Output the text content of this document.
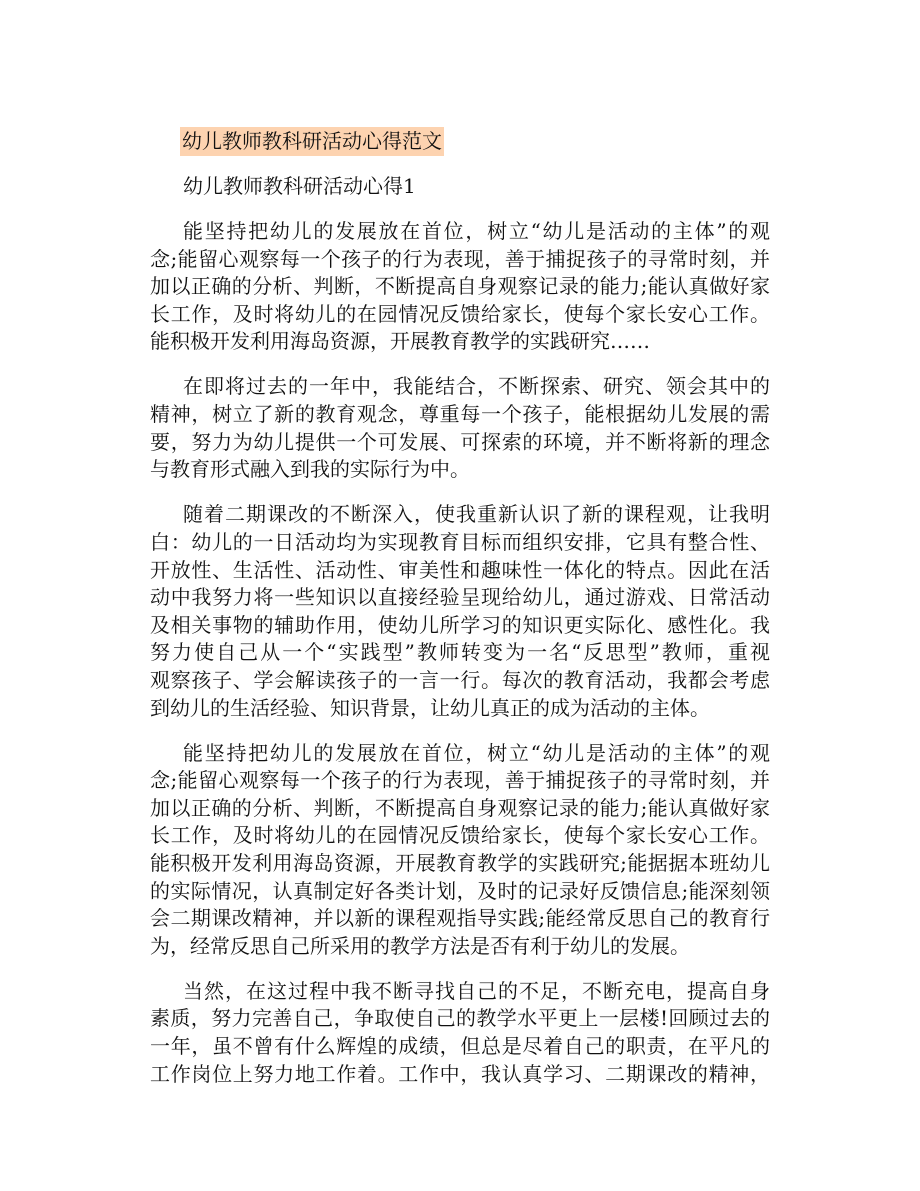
幼儿教师教科研活动心得范文
幼儿教师教科研活动心得1
能坚持把幼儿的发展放在首位，树立“幼儿是活动的主体”的观
念;能留心观察每一个孩子的行为表现，善于捕捉孩子的寻常时刻，并
加以正确的分析、判断，不断提高自身观察记录的能力;能认真做好家
长工作，及时将幼儿的在园情况反馈给家长，使每个家长安心工作。
能积极开发利用海岛资源，开展教育教学的实践研究……
在即将过去的一年中，我能结合，不断探索、研究、领会其中的
精神，树立了新的教育观念，尊重每一个孩子，能根据幼儿发展的需
要，努力为幼儿提供一个可发展、可探索的环境，并不断将新的理念
与教育形式融入到我的实际行为中。
随着二期课改的不断深入，使我重新认识了新的课程观，让我明
白：幼儿的一日活动均为实现教育目标而组织安排，它具有整合性、
开放性、生活性、活动性、审美性和趣味性一体化的特点。因此在活
动中我努力将一些知识以直接经验呈现给幼儿，通过游戏、日常活动
及相关事物的辅助作用，使幼儿所学习的知识更实际化、感性化。我
努力使自己从一个“实践型”教师转变为一名“反思型”教师，重视
观察孩子、学会解读孩子的一言一行。每次的教育活动，我都会考虑
到幼儿的生活经验、知识背景，让幼儿真正的成为活动的主体。
能坚持把幼儿的发展放在首位，树立“幼儿是活动的主体”的观
念;能留心观察每一个孩子的行为表现，善于捕捉孩子的寻常时刻，并
加以正确的分析、判断，不断提高自身观察记录的能力;能认真做好家
长工作，及时将幼儿的在园情况反馈给家长，使每个家长安心工作。
能积极开发利用海岛资源，开展教育教学的实践研究;能据据本班幼儿
的实际情况，认真制定好各类计划，及时的记录好反馈信息;能深刻领
会二期课改精神，并以新的课程观指导实践;能经常反思自己的教育行
为，经常反思自己所采用的教学方法是否有利于幼儿的发展。
当然，在这过程中我不断寻找自己的不足，不断充电，提高自身
素质，努力完善自己，争取使自己的教学水平更上一层楼!回顾过去的
一年，虽不曾有什么辉煌的成绩，但总是尽着自己的职责，在平凡的
工作岗位上努力地工作着。工作中，我认真学习、二期课改的精神，
